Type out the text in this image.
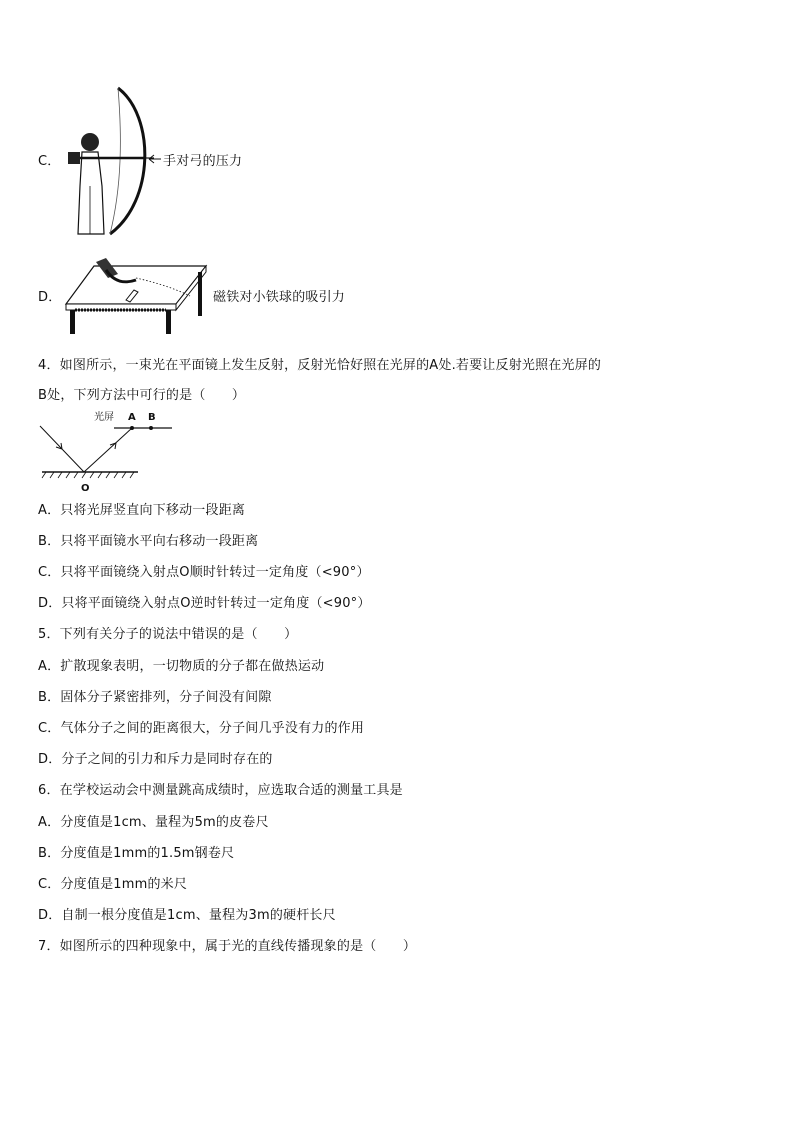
C．	手对弓的压力
D．	磁铁对小铁球的吸引力
4．如图所示，一束光在平面镜上发生反射，反射光恰好照在光屏的A处.若要让反射光照在光屏的
B处，下列方法中可行的是（　　）
光屏 A B
O
A．只将光屏竖直向下移动一段距离
B．只将平面镜水平向右移动一段距离
C．只将平面镜绕入射点O顺时针转过一定角度（<90°）
D．只将平面镜绕入射点O逆时针转过一定角度（<90°）
5．下列有关分子的说法中错误的是（　　）
A．扩散现象表明，一切物质的分子都在做热运动
B．固体分子紧密排列，分子间没有间隙
C．气体分子之间的距离很大，分子间几乎没有力的作用
D．分子之间的引力和斥力是同时存在的
6．在学校运动会中测量跳高成绩时，应选取合适的测量工具是
A．分度值是1cm、量程为5m的皮卷尺
B．分度值是1mm的1.5m钢卷尺
C．分度值是1mm的米尺
D．自制一根分度值是1cm、量程为3m的硬杆长尺
7．如图所示的四种现象中，属于光的直线传播现象的是（　　）
